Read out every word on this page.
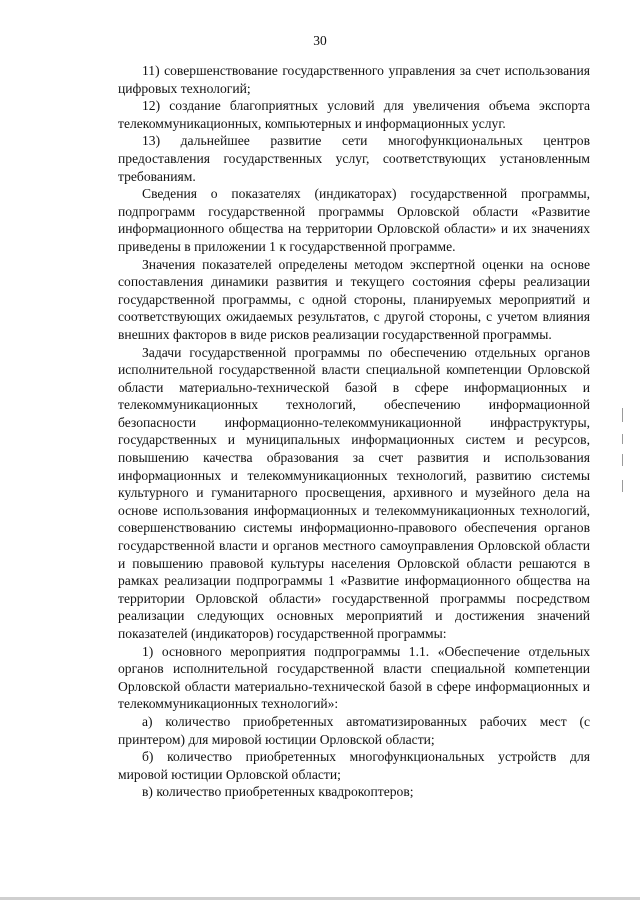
30

11) совершенствование государственного управления за счет использования цифровых технологий;

12) создание благоприятных условий для увеличения объема экспорта телекоммуникационных, компьютерных и информационных услуг.

13) дальнейшее развитие сети многофункциональных центров предоставления государственных услуг, соответствующих установленным требованиям.

Сведения о показателях (индикаторах) государственной программы, подпрограмм государственной программы Орловской области «Развитие информационного общества на территории Орловской области» и их значениях приведены в приложении 1 к государственной программе.

Значения показателей определены методом экспертной оценки на основе сопоставления динамики развития и текущего состояния сферы реализации государственной программы, с одной стороны, планируемых мероприятий и соответствующих ожидаемых результатов, с другой стороны, с учетом влияния внешних факторов в виде рисков реализации государственной программы.

Задачи государственной программы по обеспечению отдельных органов исполнительной государственной власти специальной компетенции Орловской области материально-технической базой в сфере информационных и телекоммуникационных технологий, обеспечению информационной безопасности информационно-телекоммуникационной инфраструктуры, государственных и муниципальных информационных систем и ресурсов, повышению качества образования за счет развития и использования информационных и телекоммуникационных технологий, развитию системы культурного и гуманитарного просвещения, архивного и музейного дела на основе использования информационных и телекоммуникационных технологий, совершенствованию системы информационно-правового обеспечения органов государственной власти и органов местного самоуправления Орловской области и повышению правовой культуры населения Орловской области решаются в рамках реализации подпрограммы 1 «Развитие информационного общества на территории Орловской области» государственной программы посредством реализации следующих основных мероприятий и достижения значений показателей (индикаторов) государственной программы:

1) основного мероприятия подпрограммы 1.1. «Обеспечение отдельных органов исполнительной государственной власти специальной компетенции Орловской области материально-технической базой в сфере информационных и телекоммуникационных технологий»:

а) количество приобретенных автоматизированных рабочих мест (с принтером) для мировой юстиции Орловской области;

б) количество приобретенных многофункциональных устройств для мировой юстиции Орловской области;

в) количество приобретенных квадрокоптеров;
